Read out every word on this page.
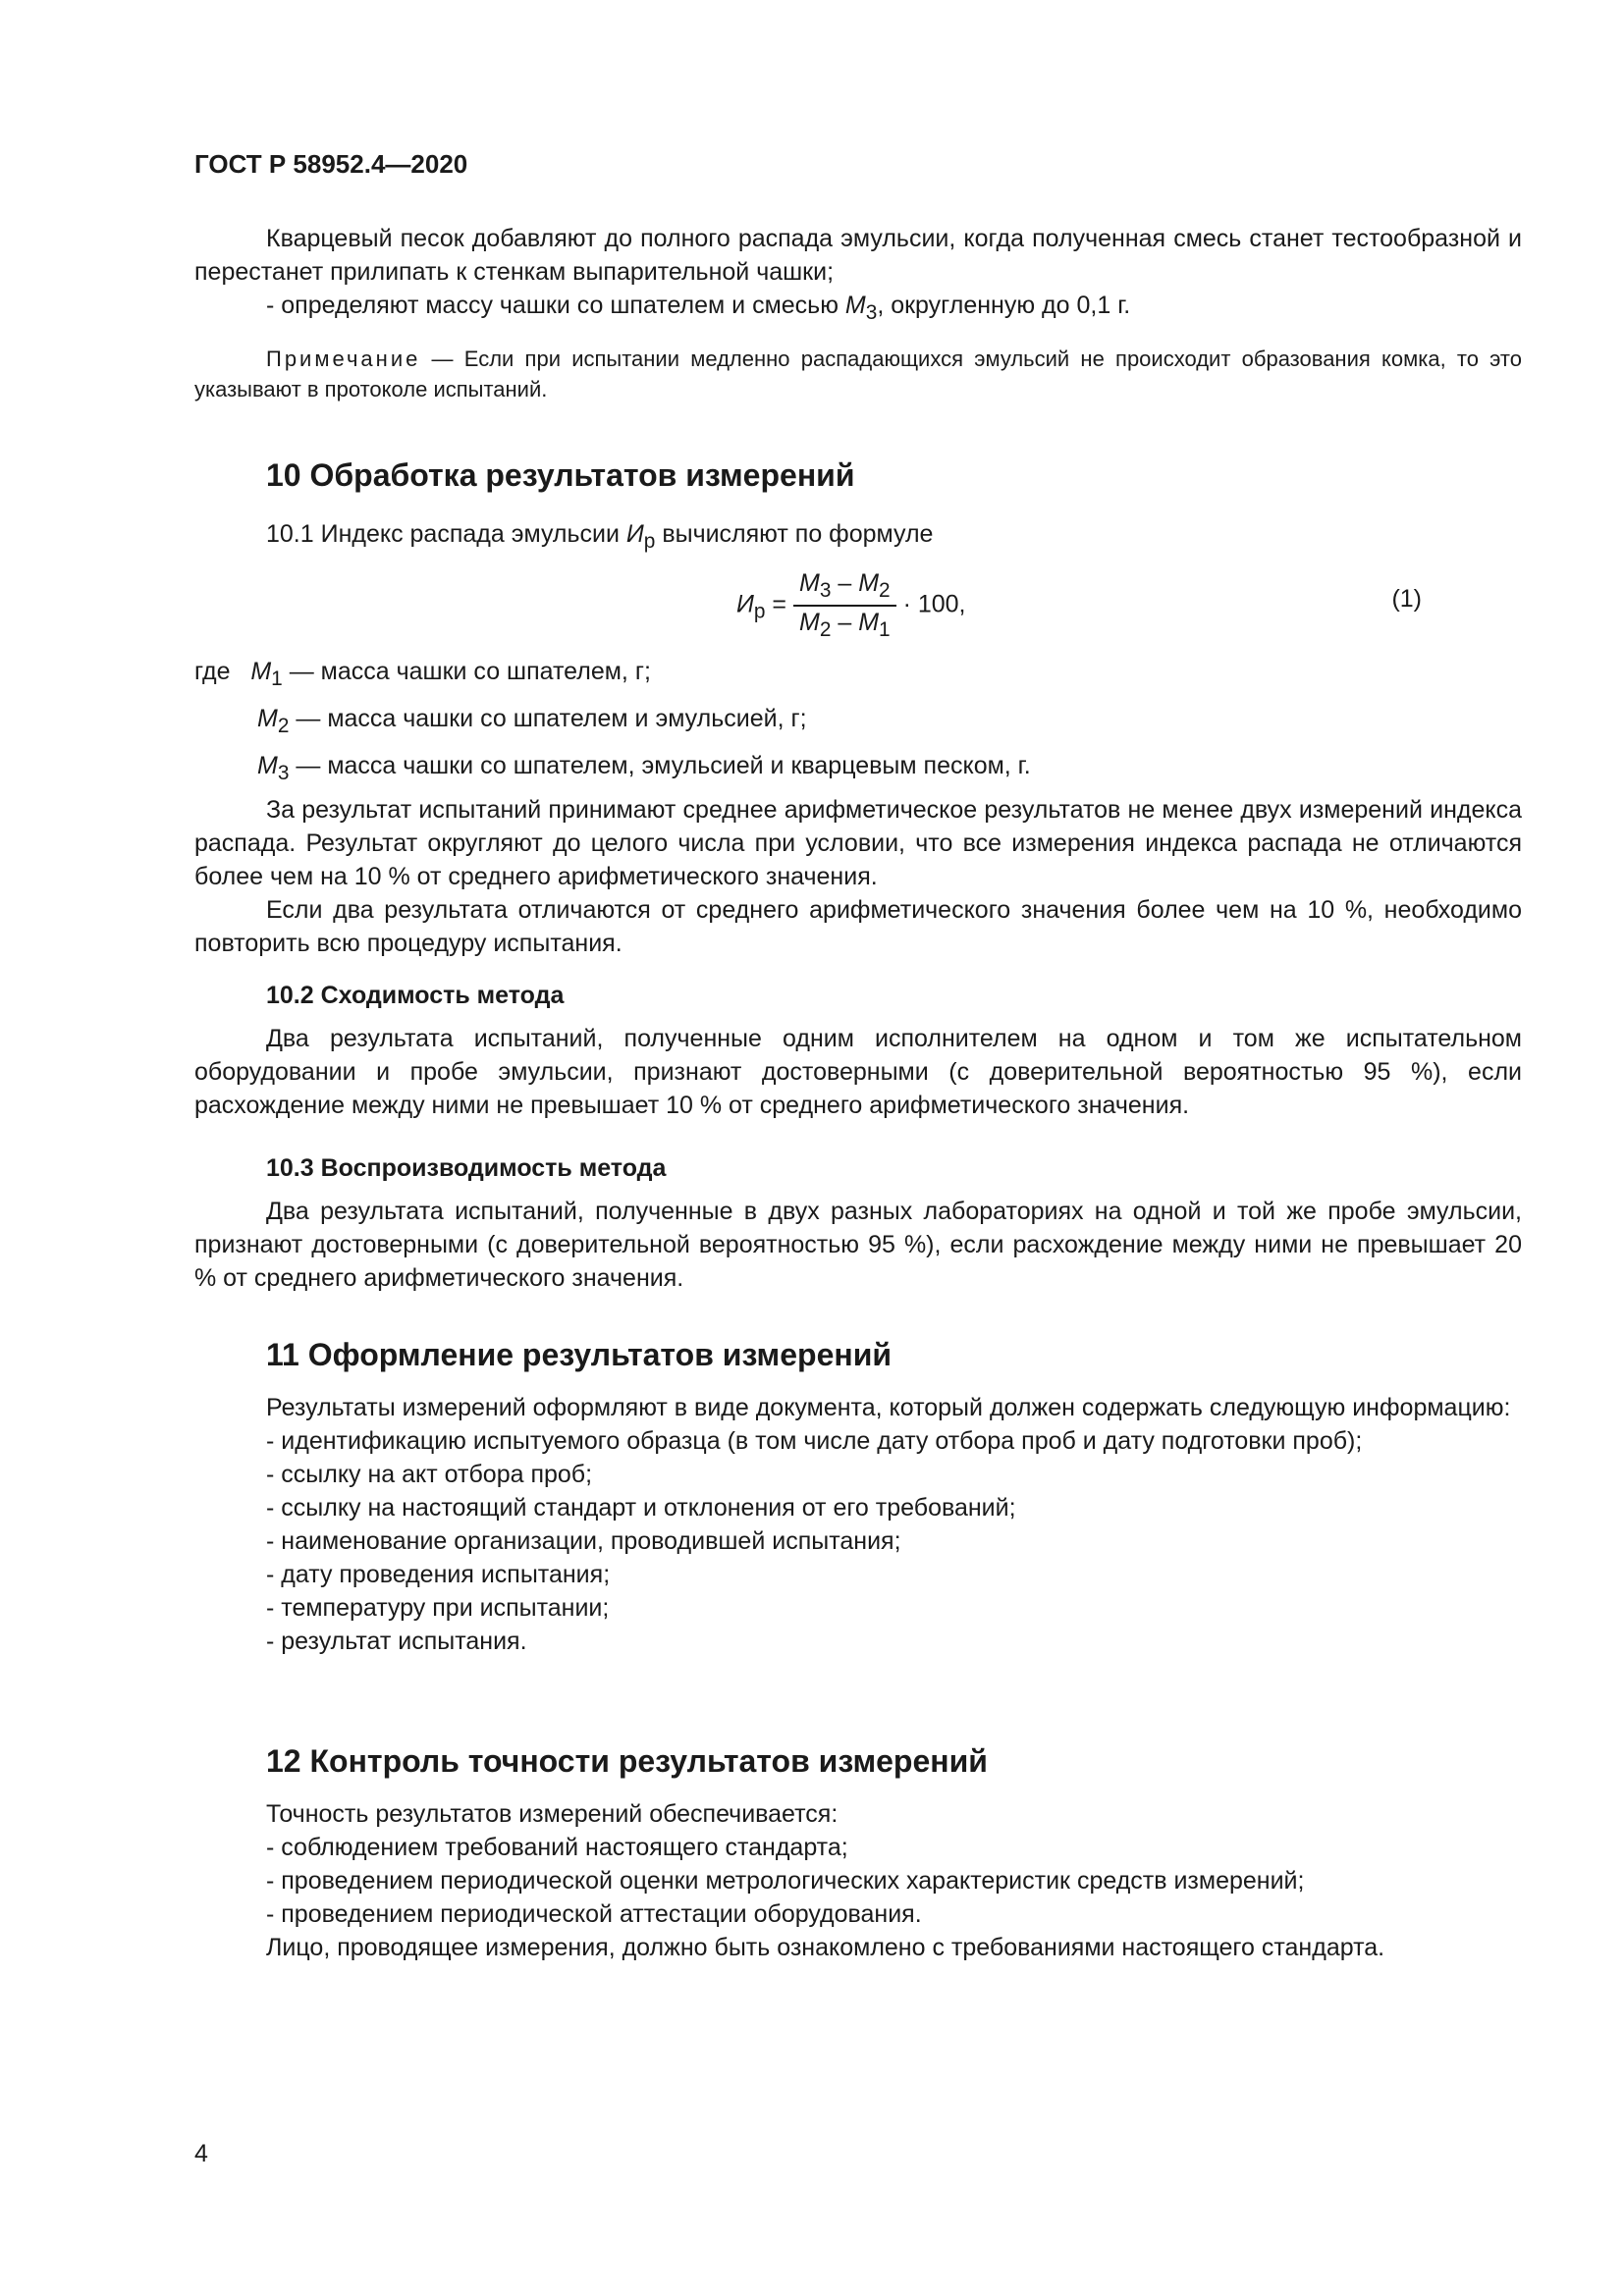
ГОСТ Р 58952.4—2020

Кварцевый песок добавляют до полного распада эмульсии, когда полученная смесь станет тестообразной и перестанет прилипать к стенкам выпарительной чашки;

- определяют массу чашки со шпателем и смесью $М_3$, округленную до 0,1 г.

Примечание — Если при испытании медленно распадающихся эмульсий не происходит образования комка, то это указывают в протоколе испытаний.

10 Обработка результатов измерений

10.1 Индекс распада эмульсии $И_р$ вычисляют по формуле

$И_р = \frac{М_3 - М_2}{М_2 - М_1} \cdot 100$,	(1)
где $М_1$ — масса чашки со шпателем, г;
$М_2$ — масса чашки со шпателем и эмульсией, г;
$М_3$ — масса чашки со шпателем, эмульсией и кварцевым песком, г.

За результат испытаний принимают среднее арифметическое результатов не менее двух измерений индекса распада. Результат округляют до целого числа при условии, что все измерения индекса распада не отличаются более чем на 10 % от среднего арифметического значения.

Если два результата отличаются от среднего арифметического значения более чем на 10 %, необходимо повторить всю процедуру испытания.

10.2 Сходимость метода

Два результата испытаний, полученные одним исполнителем на одном и том же испытательном оборудовании и пробе эмульсии, признают достоверными (с доверительной вероятностью 95 %), если расхождение между ними не превышает 10 % от среднего арифметического значения.

10.3 Воспроизводимость метода

Два результата испытаний, полученные в двух разных лабораториях на одной и той же пробе эмульсии, признают достоверными (с доверительной вероятностью 95 %), если расхождение между ними не превышает 20 % от среднего арифметического значения.

11 Оформление результатов измерений

Результаты измерений оформляют в виде документа, который должен содержать следующую информацию:

- идентификацию испытуемого образца (в том числе дату отбора проб и дату подготовки проб);

- ссылку на акт отбора проб;

- ссылку на настоящий стандарт и отклонения от его требований;

- наименование организации, проводившей испытания;

- дату проведения испытания;

- температуру при испытании;

- результат испытания.

12 Контроль точности результатов измерений

Точность результатов измерений обеспечивается:

- соблюдением требований настоящего стандарта;

- проведением периодической оценки метрологических характеристик средств измерений;

- проведением периодической аттестации оборудования.

Лицо, проводящее измерения, должно быть ознакомлено с требованиями настоящего стандарта.

4
